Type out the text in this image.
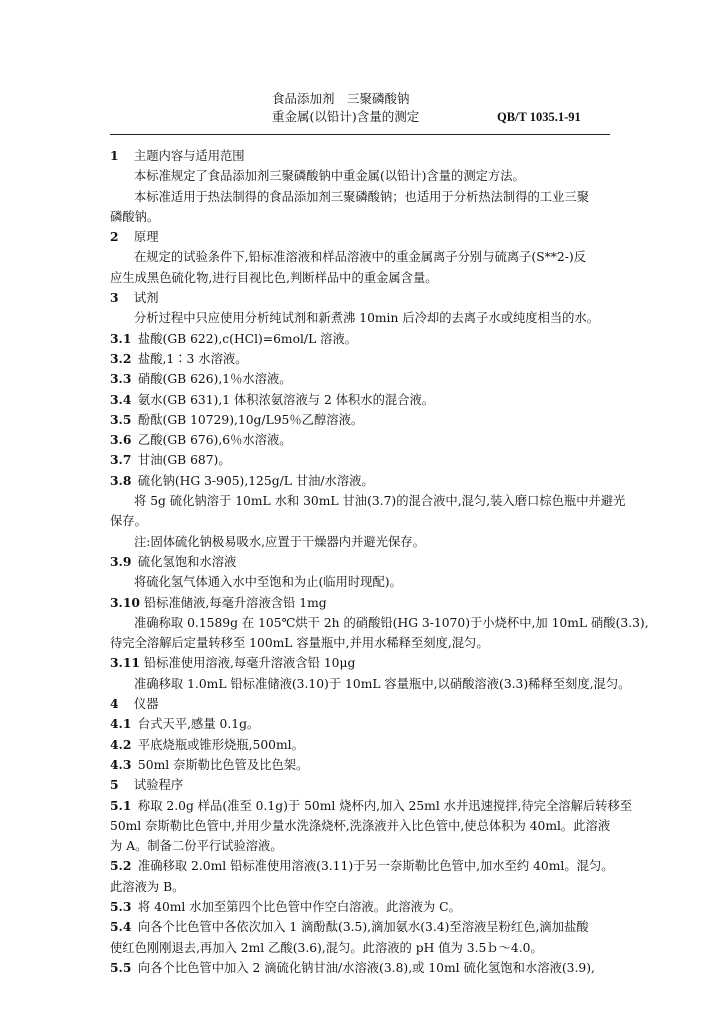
食品添加剂　三聚磷酸钠
重金属(以铅计)含量的测定	QB/T 1035.1-91
1 主题内容与适用范围
本标准规定了食品添加剂三聚磷酸钠中重金属(以铅计)含量的测定方法。
本标准适用于热法制得的食品添加剂三聚磷酸钠；也适用于分析热法制得的工业三聚
磷酸钠。
2 原理
在规定的试验条件下,铅标准溶液和样品溶液中的重金属离子分别与硫离子(S**2-)反
应生成黑色硫化物,进行目视比色,判断样品中的重金属含量。
3 试剂
分析过程中只应使用分析纯试剂和新煮沸 10min 后冷却的去离子水或纯度相当的水。
3.1 盐酸(GB 622),c(HCl)=6mol/L 溶液。
3.2 盐酸,1∶3 水溶液。
3.3 硝酸(GB 626),1％水溶液。
3.4 氨水(GB 631),1 体积浓氨溶液与 2 体积水的混合液。
3.5 酚酞(GB 10729),10g/L95％乙醇溶液。
3.6 乙酸(GB 676),6％水溶液。
3.7 甘油(GB 687)。
3.8 硫化钠(HG 3-905),125g/L 甘油/水溶液。
将 5g 硫化钠溶于 10mL 水和 30mL 甘油(3.7)的混合液中,混匀,装入磨口棕色瓶中并避光
保存。
注:固体硫化钠极易吸水,应置于干燥器内并避光保存。
3.9 硫化氢饱和水溶液
将硫化氢气体通入水中至饱和为止(临用时现配)。
3.10 铅标准储液,每毫升溶液含铅 1mg
准确称取 0.1589g 在 105℃烘干 2h 的硝酸铅(HG 3-1070)于小烧杯中,加 10mL 硝酸(3.3),
待完全溶解后定量转移至 100mL 容量瓶中,并用水稀释至刻度,混匀。
3.11 铅标准使用溶液,每毫升溶液含铅 10μg
准确移取 1.0mL 铅标准储液(3.10)于 10mL 容量瓶中,以硝酸溶液(3.3)稀释至刻度,混匀。
4 仪器
4.1 台式天平,感量 0.1g。
4.2 平底烧瓶或锥形烧瓶,500ml。
4.3 50ml 奈斯勒比色管及比色架。
5 试验程序
5.1 称取 2.0g 样品(准至 0.1g)于 50ml 烧杯内,加入 25ml 水并迅速搅拌,待完全溶解后转移至
50ml 奈斯勒比色管中,并用少量水洗涤烧杯,洗涤液并入比色管中,使总体积为 40ml。此溶液
为 A。制备二份平行试验溶液。
5.2 准确移取 2.0ml 铅标准使用溶液(3.11)于另一奈斯勒比色管中,加水至约 40ml。混匀。
此溶液为 B。
5.3 将 40ml 水加至第四个比色管中作空白溶液。此溶液为 C。
5.4 向各个比色管中各依次加入 1 滴酚酞(3.5),滴加氨水(3.4)至溶液呈粉红色,滴加盐酸
使红色刚刚退去,再加入 2ml 乙酸(3.6),混匀。此溶液的 pH 值为 3.5ｂ～4.0。
5.5 向各个比色管中加入 2 滴硫化钠甘油/水溶液(3.8),或 10ml 硫化氢饱和水溶液(3.9),
